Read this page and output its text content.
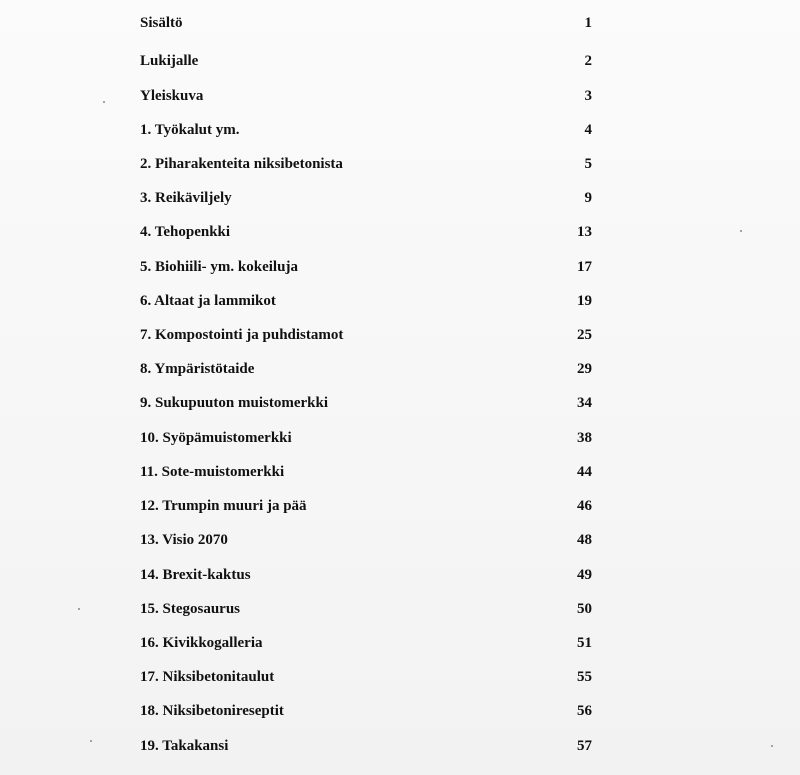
Sisältö	1
Lukijalle	2
Yleiskuva	3
1. Työkalut ym.	4
2. Piharakenteita niksibetonista	5
3. Reikäviljely	9
4. Tehopenkki	13
5. Biohiili- ym. kokeiluja	17
6. Altaat ja lammikot	19
7. Kompostointi ja puhdistamot	25
8. Ympäristötaide	29
9. Sukupuuton muistomerkki	34
10. Syöpämuistomerkki	38
11. Sote-muistomerkki	44
12. Trumpin muuri ja pää	46
13. Visio 2070	48
14. Brexit-kaktus	49
15. Stegosaurus	50
16. Kivikkogalleria	51
17. Niksibetonitaulut	55
18. Niksibetonireseptit	56
19. Takakansi	57
